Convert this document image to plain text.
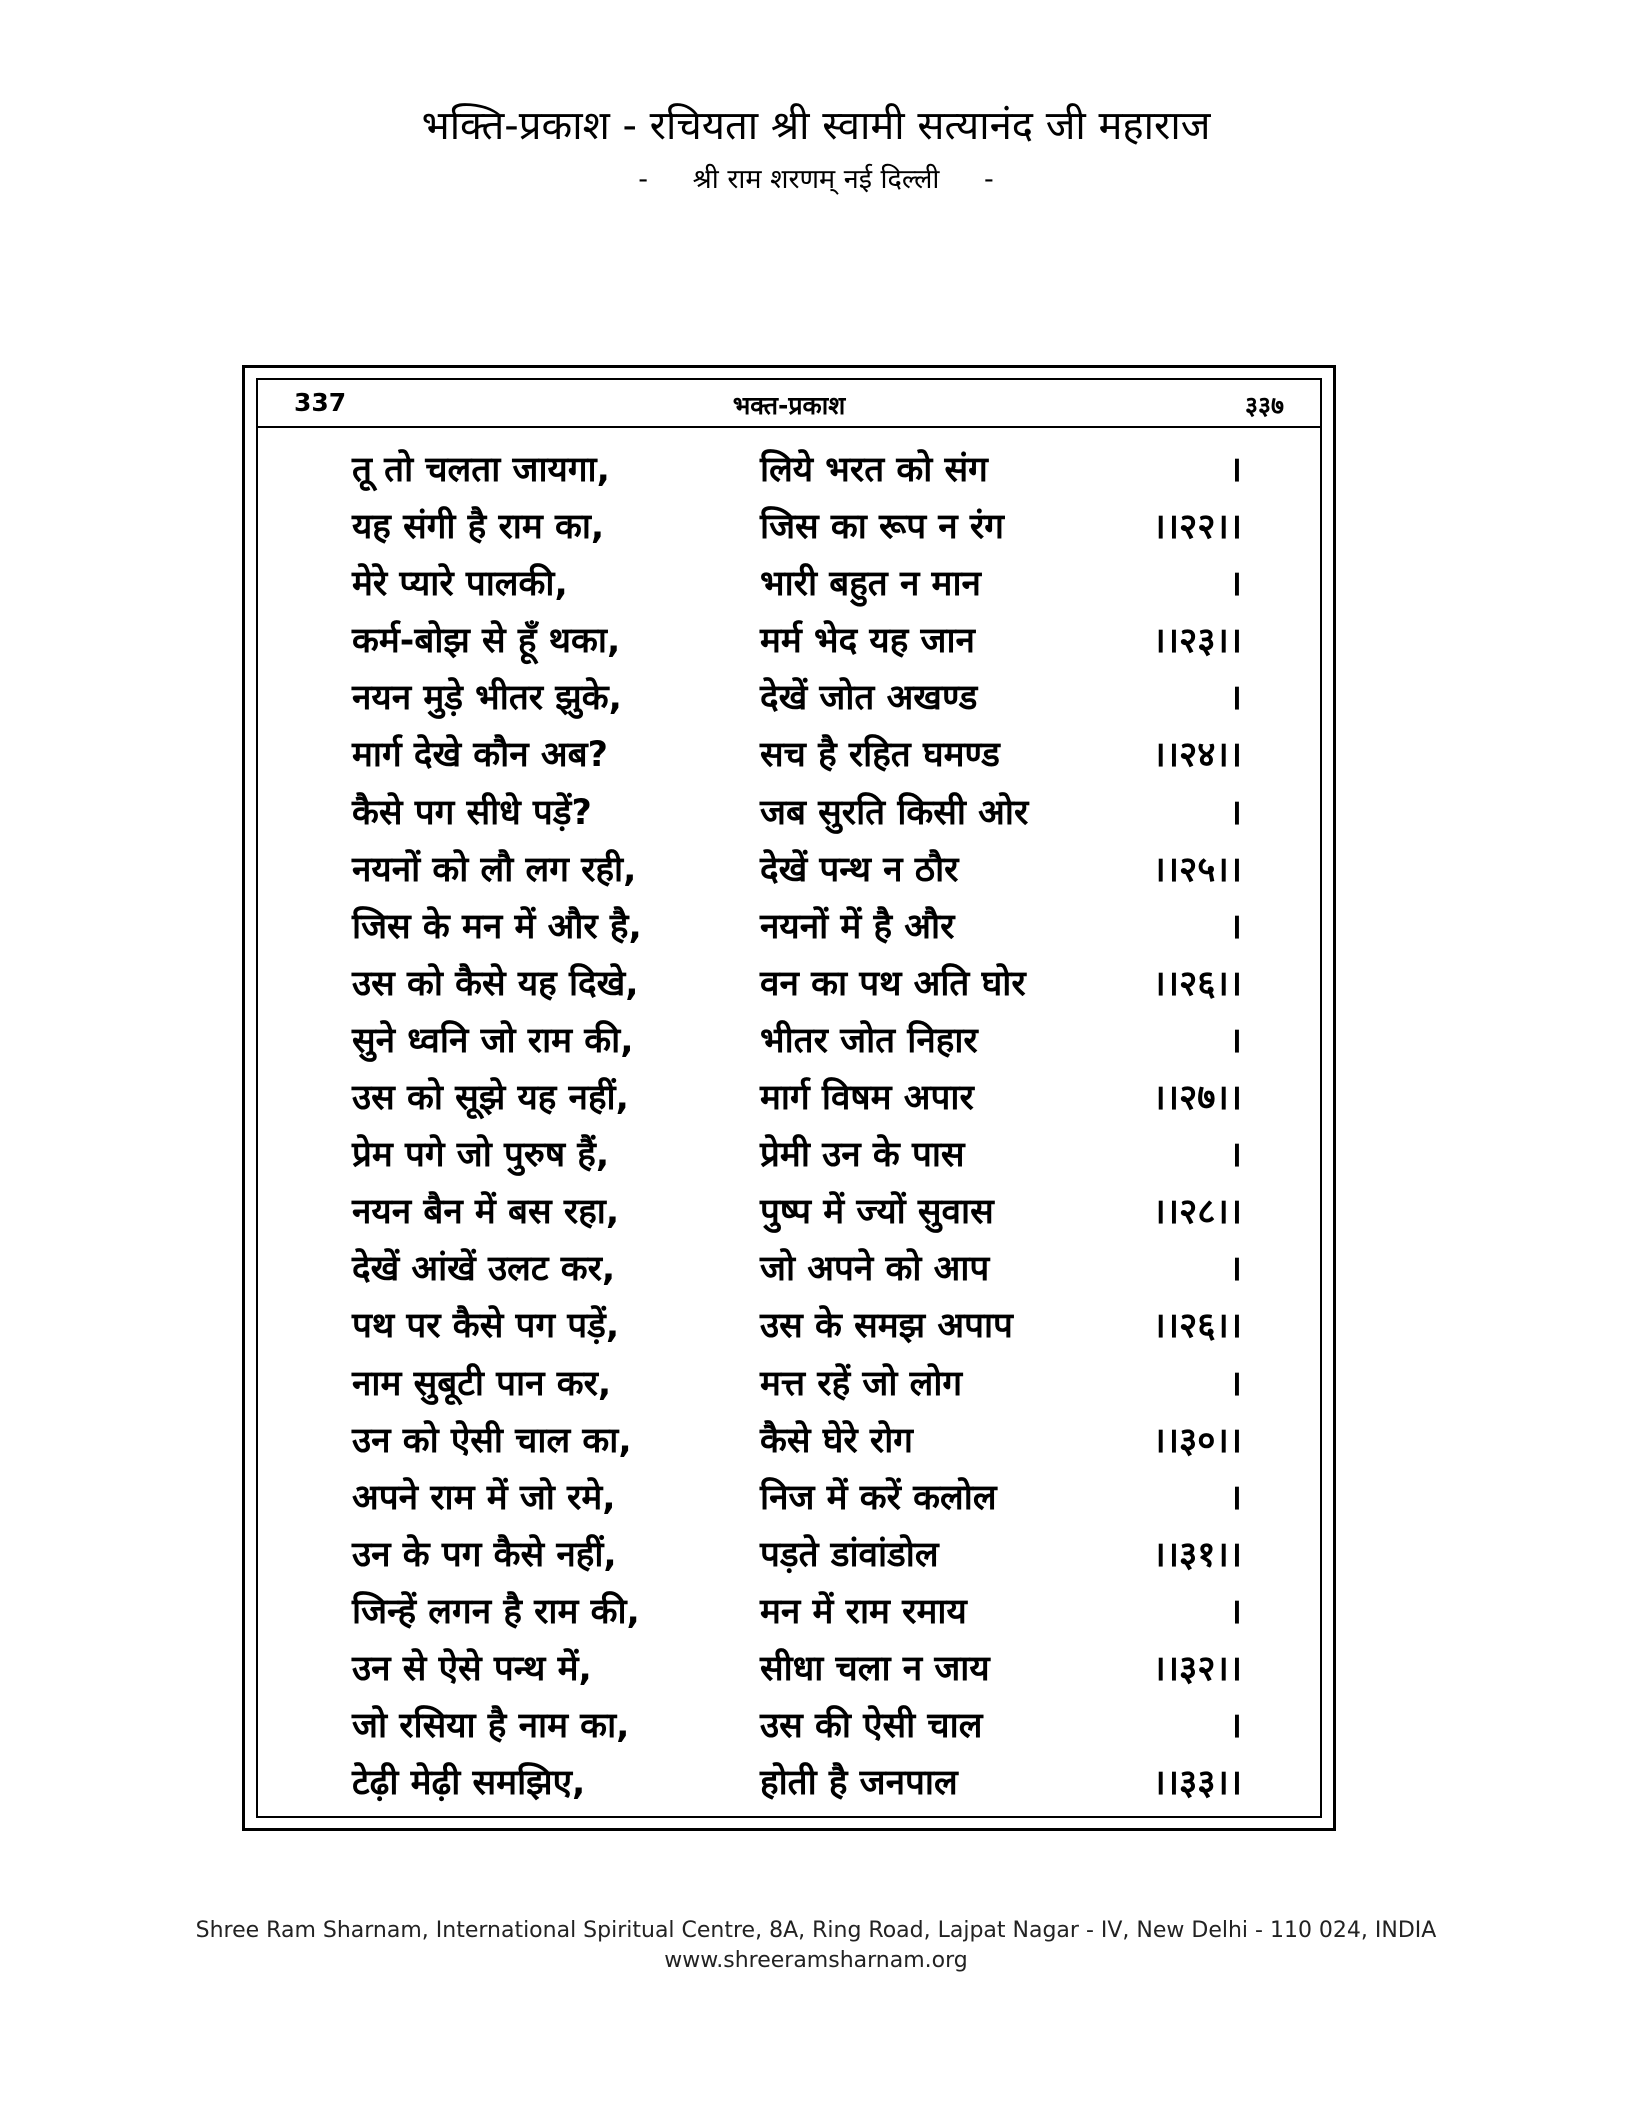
भक्ति-प्रकाश - रचियता श्री स्वामी सत्यानंद जी महाराज
- श्री राम शरणम् नई दिल्ली -
337	भक्त-प्रकाश	३३७
तू तो चलता जायगा,	लिये भरत को संग	।
यह संगी है राम का,	जिस का रूप न रंग	।।२२।।
मेरे प्यारे पालकी,	भारी बहुत न मान	।
कर्म-बोझ से हूँ थका,	मर्म भेद यह जान	।।२३।।
नयन मुड़े भीतर झुके,	देखें जोत अखण्ड	।
मार्ग देखे कौन अब?	सच है रहित घमण्ड	।।२४।।
कैसे पग सीधे पड़ें?	जब सुरति किसी ओर	।
नयनों को लौ लग रही,	देखें पन्थ न ठौर	।।२५।।
जिस के मन में और है,	नयनों में है और	।
उस को कैसे यह दिखे,	वन का पथ अति घोर	।।२६।।
सुने ध्वनि जो राम की,	भीतर जोत निहार	।
उस को सूझे यह नहीं,	मार्ग विषम अपार	।।२७।।
प्रेम पगे जो पुरुष हैं,	प्रेमी उन के पास	।
नयन बैन में बस रहा,	पुष्प में ज्यों सुवास	।।२८।।
देखें आंखें उलट कर,	जो अपने को आप	।
पथ पर कैसे पग पड़ें,	उस के समझ अपाप	।।२६।।
नाम सुबूटी पान कर,	मत्त रहें जो लोग	।
उन को ऐसी चाल का,	कैसे घेरे रोग	।।३०।।
अपने राम में जो रमे,	निज में करें कलोल	।
उन के पग कैसे नहीं,	पड़ते डांवांडोल	।।३१।।
जिन्हें लगन है राम की,	मन में राम रमाय	।
उन से ऐसे पन्थ में,	सीधा चला न जाय	।।३२।।
जो रसिया है नाम का,	उस की ऐसी चाल	।
टेढ़ी मेढ़ी समझिए,	होती है जनपाल	।।३३।।
Shree Ram Sharnam, International Spiritual Centre, 8A, Ring Road, Lajpat Nagar - IV, New Delhi - 110 024, INDIA
www.shreeramsharnam.org
